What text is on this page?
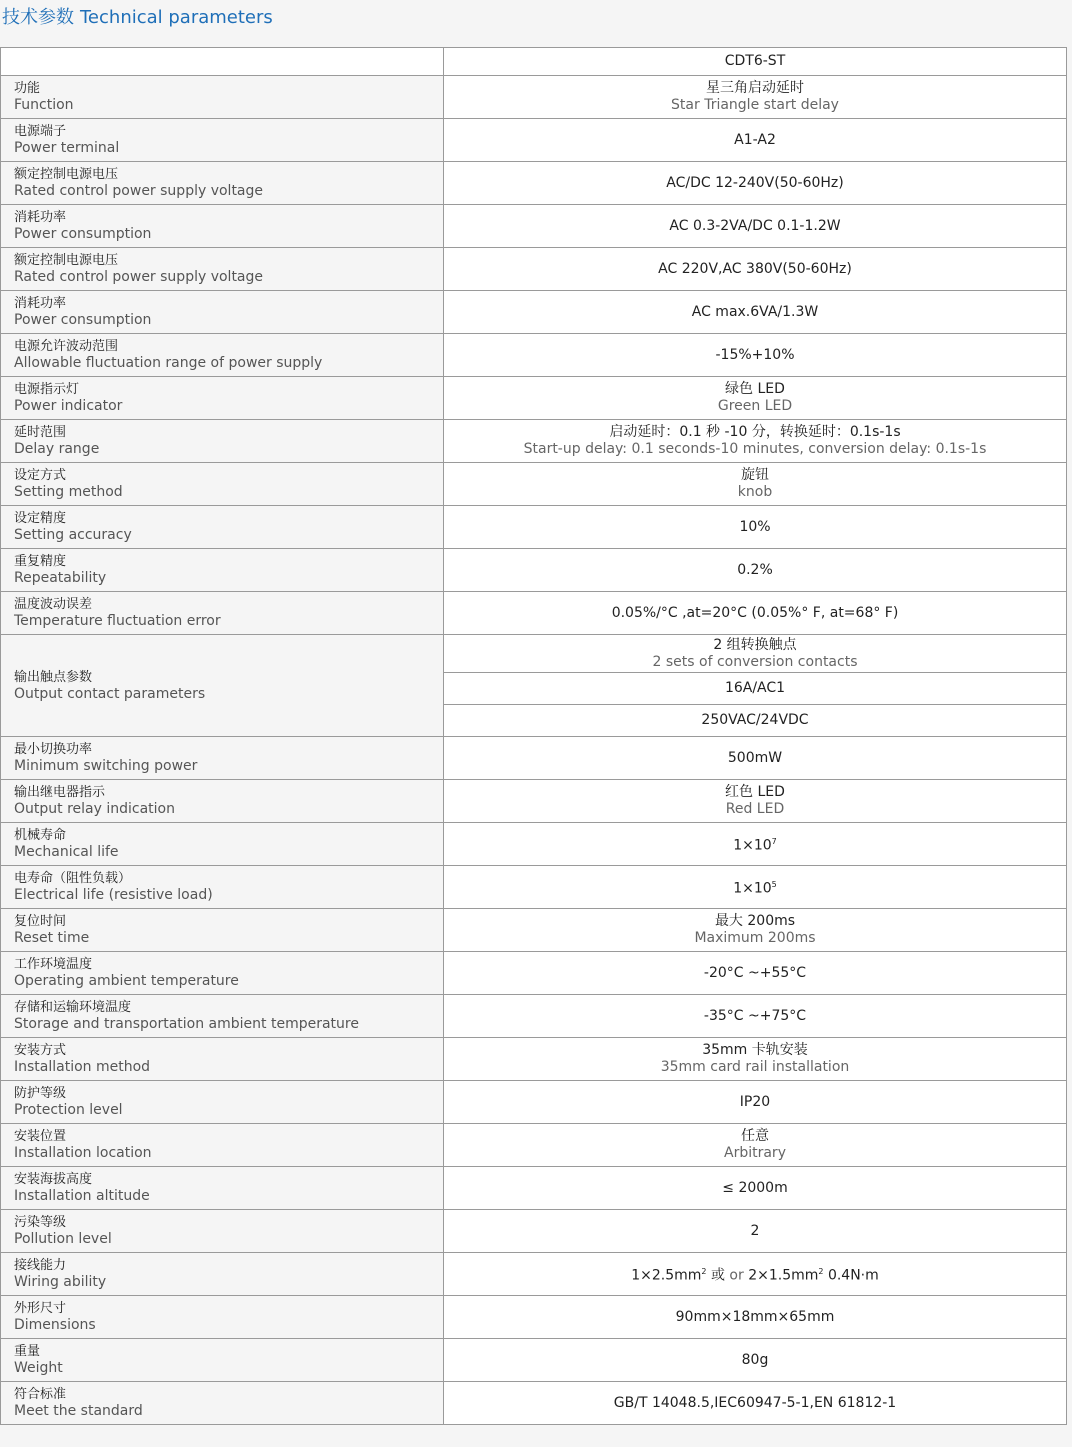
技术参数 Technical parameters

	CDT6-ST

功能
Function	星三角启动延时
Star Triangle start delay

电源端子
Power terminal	A1-A2

额定控制电源电压
Rated control power supply voltage	AC/DC 12-240V(50-60Hz)

消耗功率
Power consumption	AC 0.3-2VA/DC 0.1-1.2W

额定控制电源电压
Rated control power supply voltage	AC 220V,AC 380V(50-60Hz)

消耗功率
Power consumption	AC max.6VA/1.3W

电源允许波动范围
Allowable fluctuation range of power supply	-15%+10%

电源指示灯
Power indicator	绿色 LED
Green LED

延时范围
Delay range	启动延时：0.1 秒 -10 分，转换延时：0.1s-1s
Start-up delay: 0.1 seconds-10 minutes, conversion delay: 0.1s-1s

设定方式
Setting method	旋钮
knob

设定精度
Setting accuracy	10%

重复精度
Repeatability	0.2%

温度波动误差
Temperature fluctuation error	0.05%/°C ,at=20°C (0.05%° F, at=68° F)

输出触点参数
Output contact parameters	2 组转换触点
2 sets of conversion contacts

	16A/AC1

	250VAC/24VDC

最小切换功率
Minimum switching power	500mW

输出继电器指示
Output relay indication	红色 LED
Red LED

机械寿命
Mechanical life	$1\times 10^7$

电寿命（阻性负载）
Electrical life (resistive load)	$1\times 10^5$

复位时间
Reset time	最大 200ms
Maximum 200ms

工作环境温度
Operating ambient temperature	-20°C ~+55°C

存储和运输环境温度
Storage and transportation ambient temperature	-35°C ~+75°C

安装方式
Installation method	35mm 卡轨安装
35mm card rail installation

防护等级
Protection level	IP20

安装位置
Installation location	任意
Arbitrary

安装海拔高度
Installation altitude	≤ 2000m

污染等级
Pollution level	2

接线能力
Wiring ability	$1\times 2.5mm^2$ 或 or $2\times 1.5mm^2$ 0.4N·m

外形尺寸
Dimensions	90mm×18mm×65mm

重量
Weight	80g

符合标准
Meet the standard	GB/T 14048.5,IEC60947-5-1,EN 61812-1
